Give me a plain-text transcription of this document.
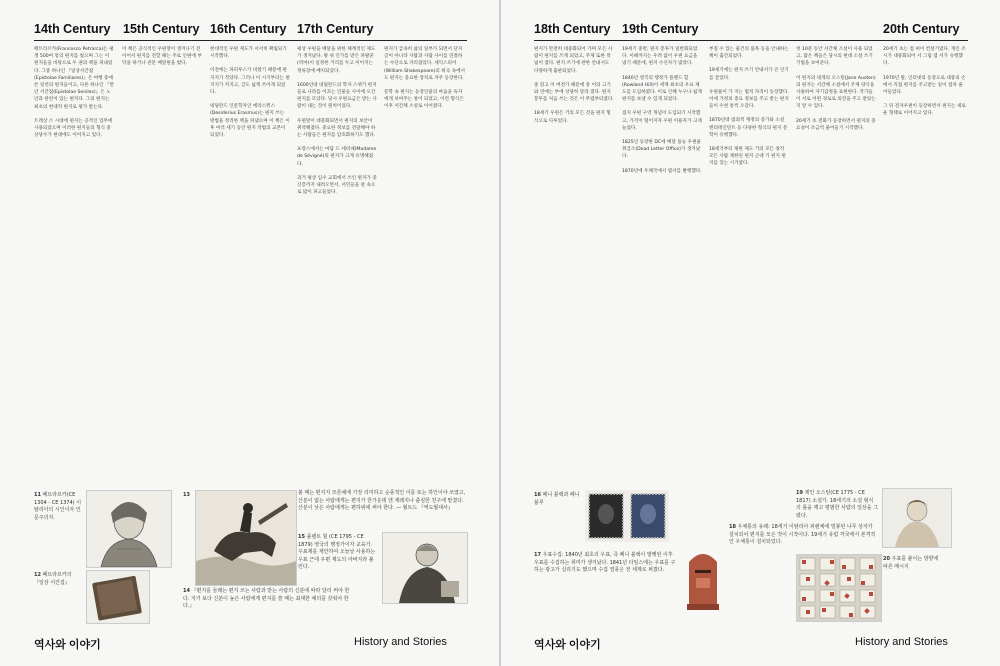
14th Century 15th Century 16th Century 17th Century

페트라르카(Francesco Petrarca)는 평생 500여 통의 편지를 썼으며 그는 이 편지들을 바탕으로 두 권의 책을 펴내었다. 그중 하나인 『일상서간집(Epistolae Familiares)』은 여행 중에 쓴 일련의 편지들이고, 다른 하나인 『만년 서간집(Epistolae Seniles)』은 노년과 관련이 있는 편지다. 그의 편지는 최초의 현대적 편지로 평가 받는다.

트레상 스 시대에 편지는 공적인 업무에 사용되었으며 이러한 편지들의 형식 중 상당수가 현대에도 이어지고 있다.

이 책은 공식적인 우편망이 생겨나기 전이어서 편지를 전할 때는 주로 인편에 부탁을 하거나 전문 배달원을 썼다.

현대적인 우편 제도가 서서히 확립되기 시작했다.

이전에는 파피루스가 비쌌기 때문에 편지지가 작았다. 그러나 이 시기부터는 편지지가 커지고, 글도 넓게 쓰이게 되었다.

네덜란드 인문학자인 에라스뮈스 (Desiderius Erasmus)는 편지 쓰는 방법을 정리한 책을 펴냈으며 이 책은 이후 여러 세기 동안 편지 작법의 교본이 되었다.

평상 우편을 배달을 위한 체계적인 제도가 생겨났다. 왕 위 인가를 받은 파발꾼(역마)이 일정한 거리를 두고 이어지는 정류장에 배치되었다.

1600년대 네덜란드의 학자 스퀴가 편지들로 나라를 이끄는 인물들 사이에 오간 편지를 모았다. 당시 우편요금은 받는 사람이 내는 것이 원칙이었다.

우편망이 대중화되면서 편지의 보안이 취약해졌다. 중요한 정보를 전달해야 하는 사람들은 편지를 암호화하기도 했다.

프랑스에서는 마담 드 세비녜(Madame de Sévigné)의 편지가 크게 유명해졌다.

과거 평상 입수 교회에서 쓰인 편지가 중산층까지 내려오면서, 서민들을 살 속으로 많이 파고들었다.

편지가 급속히 삶의 일부가 되면서 단지 글이 아니라 사람과 사람 사이를 연결하는 수단으로 자리잡았다. 셰익스피어(William Shakespeare)의 희곡 속에서도 편지는 중요한 장치로 자주 등장한다.

문학 속 편지는 등장인물의 마음을 독자에게 보여주는 창이 되었고, 이런 형식은 이후 서간체 소설로 이어졌다.

11 페트라르카(CE 1304 - CE 1374) 이탈리아의 시인이자 인문주의자.
12 페트라르카의 『일상 서간집』
13	볼 때는 편지지 모른채에 가장 의미하고 순풍적인 이를 또는 하인이야 쓰였고, 산분이 없는 사람에게는 편지가 한가운데 엔 제레지나 출심한 친구에 맡겼다. 산분이 낮은 사람에게는 편하위에 써야 한다. — 월트드 『역도월대사』
15 플렌트 힐 (CE 1795 - CE 1879) 영국의 행정가이자 교육가. 우표제를 제안하여 오늘날 사용하는 우표 근대 우편 제도의 아버지라 불린다.
14 『편지를 들래는 편지 쓰는 사람과 받는 사람의 신분에 따라 달리 써야 한다. 자기 보다 신분이 높은 사람에게 편지를 쓸 때는 최대한 예의를 갖춰야 한다.』
역사와 이야기	History and Stories
18th Century 19th Century	20th Century

편지가 완전히 대중화되어 가며 모든 사람이 편지를 쓰게 되었고, 주제 또한 폭넓어 졌다. 편지 쓰기에 관한 안내서도 다양하게 출판되었다.

중 읽고 이 버전가 때문에 중 어의 크기와 연애는 부에 상당히 달라 졌다. 편지봉투를 처음 쓰는 것은 이 무렵부터였다.

18세기 우편은 거의 모든 것을 편지 형식으로 다루었다.

19세기 중반, 편지 봉투가 일반화되었다. 이때까지는 우려 없이 우편 요금을 냈기 때문에, 편지 수신자가 많았다.

1840년 영국의 행정가 플렌드 힐(Rowland Hill)이 세계 최초의 우표 제도를 도입하였다. 이로 인해 누구나 쉽게 편지를 보낼 수 있게 되었다.

접지 우편 구역 개념이 도입되기 시작했고, 가격이 떨어지자 우편 이용자가 크게 늘었다.

1825년 등장한 DC에 배달 돌능 우편물 취급소(Dead Letter Office)가 생겨났다.

1870년에 우체국에서 엽서를 발행했다.

부칠 수 있는 물건의 품목 등을 안내하는 책이 출간되었다.

19세기에는 편지 쓰기 안내서가 큰 인기를 끌었다.

우편물이 가 지는 법적 자격이 등장했다. 이에 가정의 중요 정보를 주고 받는 편지들이 수천 통씩 오갔다.

1870년대 범죄적 재정의 증가와 소설 엔터테인먼트 등 다양한 형식의 편지 문학이 유행했다.

18세기부터 제한 제도 거의 모든 창작 모든 사람 제한된 편지 근대 기 편지 편지를 있는 시기였다.

첫 10분 동안 서간체 소설이 사용 되었고, 많은 책들은 당시의 현대 소설 쓰기 기법을 보여준다.

이 편지의 네게의 오스틴(Jane Austen)의 편지는 서간체 소설에서 주제 양식을 사용하여 자기감정을 표현한다. 작가들이 서로 어떤 경로로 의견을 주고 받았는지 알 수 있다.

20세기 초 전화가 등장하면서 편지의 중요성이 조금씩 줄어들기 시작했다.

20세기 초는 컵 써이 컨설기였다. 개인 조시가 대중화되어 서 그림 엽 서가 유행했다.

1970년 말, 인터넷의 등장으로 대중의 손에서 직접 편지를 주고받는 일이 점차 줄어들었다.

그 뒤 전자우편이 등장하면서 편지는 새로운 형태로 이어지고 있다.

16 페니 블랙과 페니 블루
17 우표수집: 1840년 최초의 우표, 즉 페니 블랙이 발행된 이후 우표를 수집하는 취미가 생겨났다. 1841년 타임스에는 우표를 구하는 광고가 실리기도 했으며 수집 열풍은 전 세계로 퍼졌다.
18 우체통의 유래: 18세기 이탈리아 피렌체에 밀봉된 나무 상자가 설치되어 편지를 모은 것이 시작이다. 19세기 유럽 각국에서 본격적인 우체통이 설치되었다.
19 제인 오스틴(CE 1775 - CE 1817) 소설가. 18세기의 소설 형식의 틀을 깨고 평범한 사람의 일상을 그렸다.
20 우표를 붙이는 방향에 따른 메시지
역사와 이야기	History and Stories
